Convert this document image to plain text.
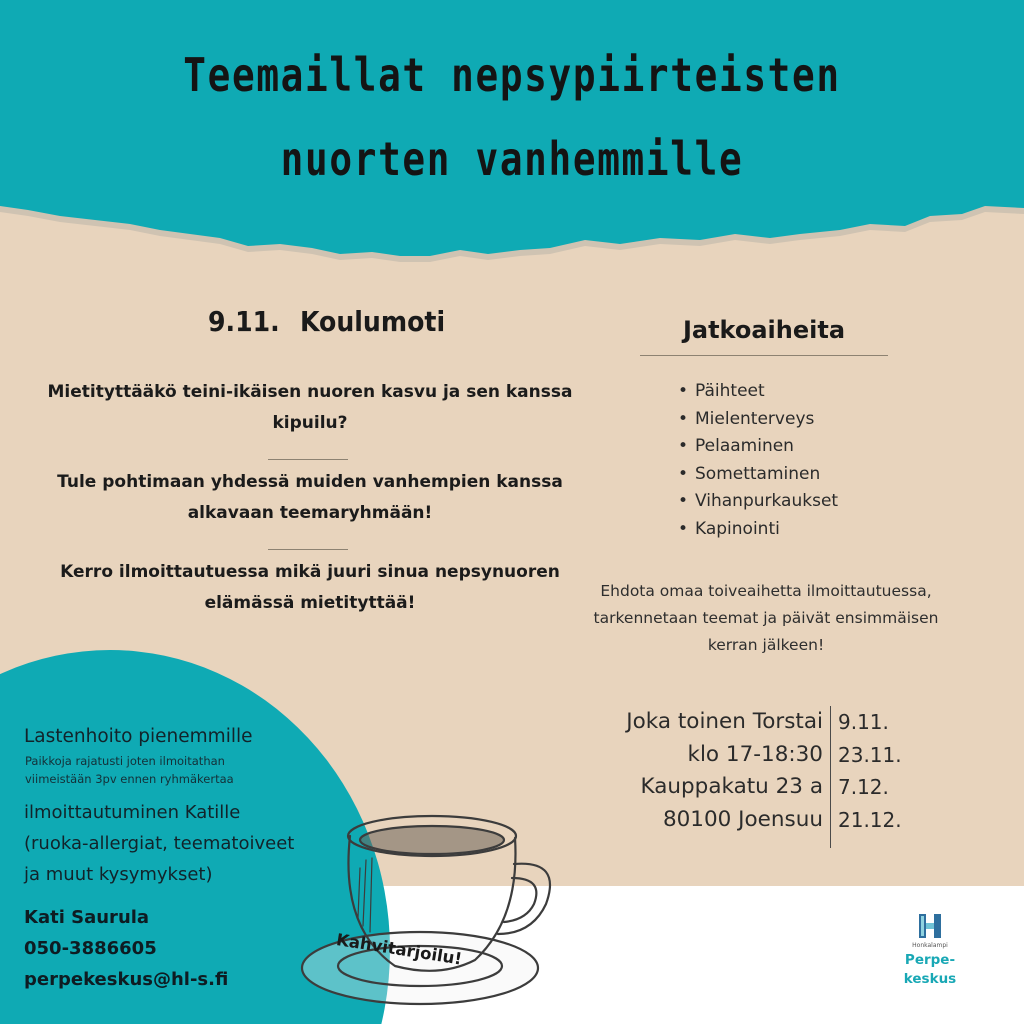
Teemaillat nepsypiirteisten
nuorten vanhemmille
9.11. Koulumoti

Mietityttääkö teini-ikäisen nuoren kasvu ja sen kanssa kipuilu?

Tule pohtimaan yhdessä muiden vanhempien kanssa alkavaan teemaryhmään!

Kerro ilmoittautuessa mikä juuri sinua nepsynuoren elämässä mietityttää!

Jatkoaiheita
• Päihteet
• Mielenterveys
• Pelaaminen
• Somettaminen
• Vihanpurkaukset
• Kapinointi

Ehdota omaa toiveaihetta ilmoittautuessa, tarkennetaan teemat ja päivät ensimmäisen kerran jälkeen!

Joka toinen Torstai
klo 17-18:30
Kauppakatu 23 a
80100 Joensuu
9.11.
23.11.
7.12.
21.12.
Lastenhoito pienemmille
Paikkoja rajatusti joten ilmoitathan
viimeistään 3pv ennen ryhmäkertaa
ilmoittautuminen Katille
(ruoka-allergiat, teematoiveet
ja muut kysymykset)
Kati Saurula
050-3886605
perpekeskus@hl-s.fi
Kahvitarjoilu!	Honkalampi
Perpe-
keskus
